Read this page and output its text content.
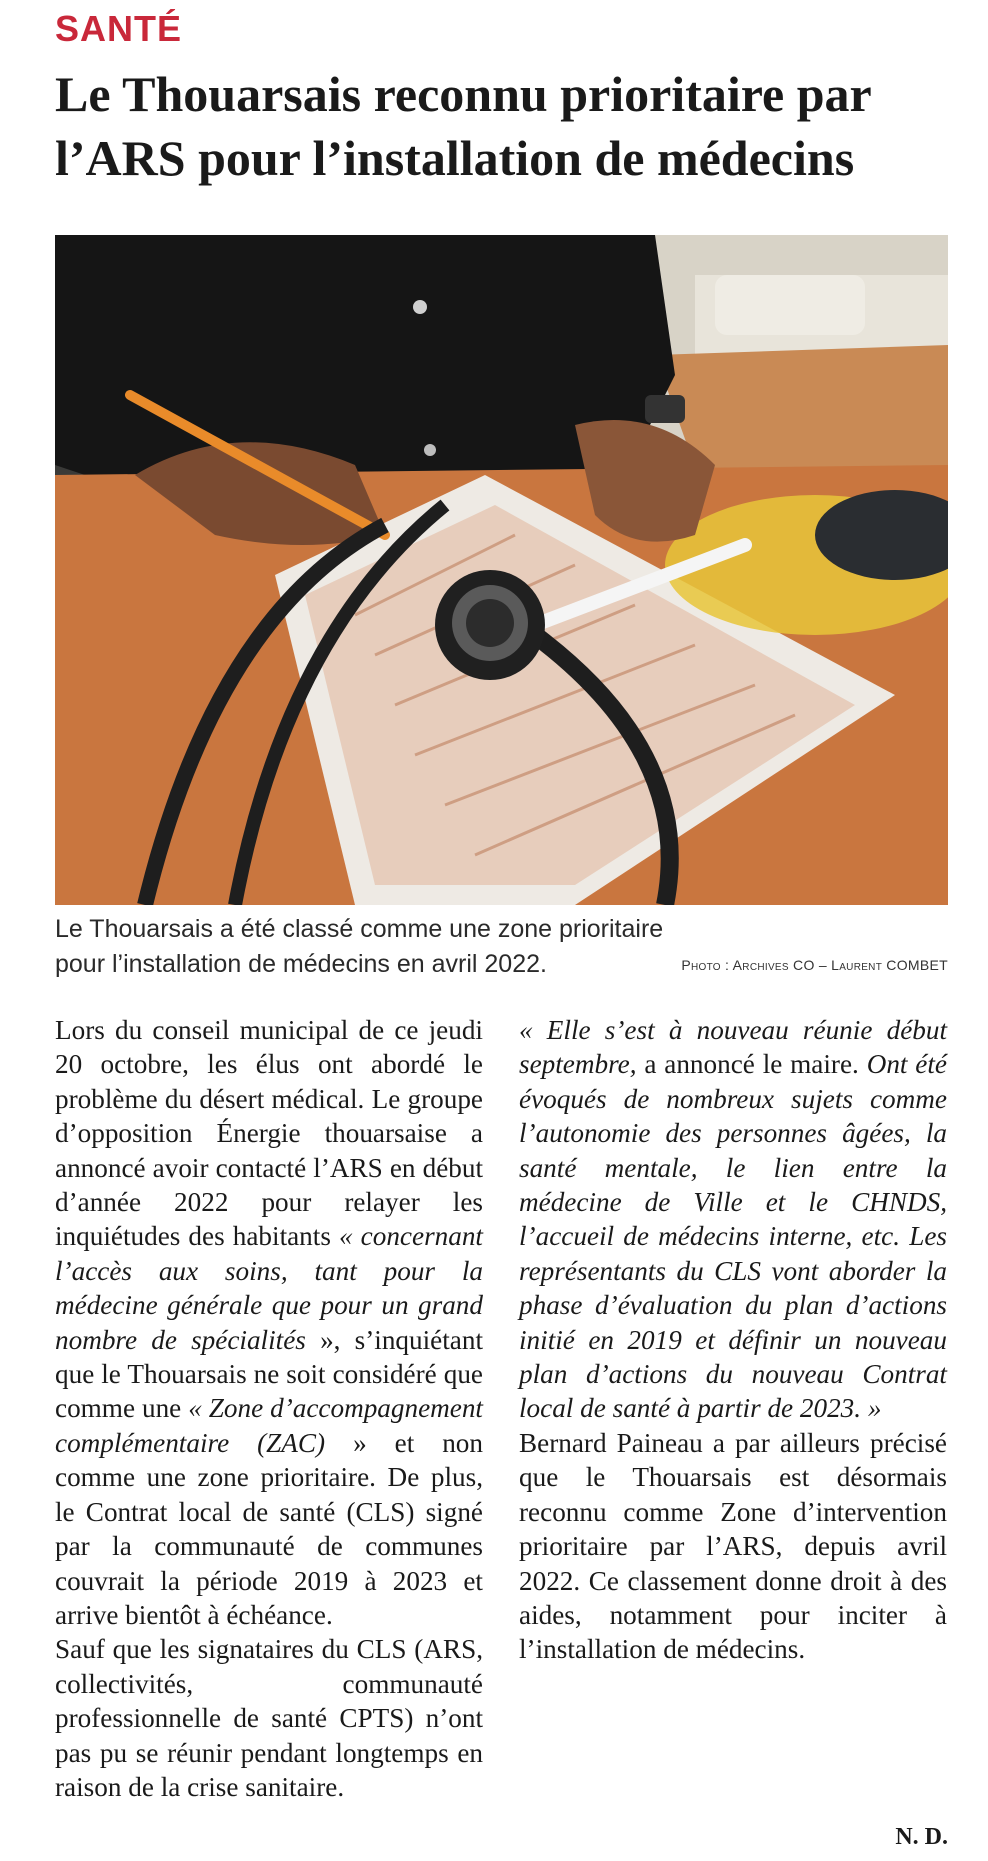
SANTÉ
Le Thouarsais reconnu prioritaire par
l’ARS pour l’installation de médecins
Le Thouarsais a été classé comme une zone prioritaire
pour l’installation de médecins en avril 2022.	Photo : Archives CO – Laurent COMBET

Lors du conseil municipal de ce jeudi 20 octobre, les élus ont abordé le problème du désert médical. Le groupe d’opposition Énergie thouarsaise a annoncé avoir contacté l’ARS en début d’année 2022 pour relayer les inquiétudes des habitants « concernant l’accès aux soins, tant pour la médecine générale que pour un grand nombre de spécialités », s’inquiétant que le Thouarsais ne soit considéré que comme une « Zone d’accompagnement complémentaire (ZAC) » et non comme une zone prioritaire. De plus, le Contrat local de santé (CLS) signé par la communauté de communes couvrait la période 2019 à 2023 et arrive bientôt à échéance.

Sauf que les signataires du CLS (ARS, collectivités, communauté professionnelle de santé CPTS) n’ont pas pu se réunir pendant longtemps en raison de la crise sanitaire.

« Elle s’est à nouveau réunie début septembre, a annoncé le maire. Ont été évoqués de nombreux sujets comme l’autonomie des personnes âgées, la santé mentale, le lien entre la médecine de Ville et le CHNDS, l’accueil de médecins interne, etc. Les représentants du CLS vont aborder la phase d’évaluation du plan d’actions initié en 2019 et définir un nouveau plan d’actions du nouveau Contrat local de santé à partir de 2023. »

Bernard Paineau a par ailleurs précisé que le Thouarsais est désormais reconnu comme Zone d’intervention prioritaire par l’ARS, depuis avril 2022. Ce classement donne droit à des aides, notamment pour inciter à l’installation de médecins.

N. D.
